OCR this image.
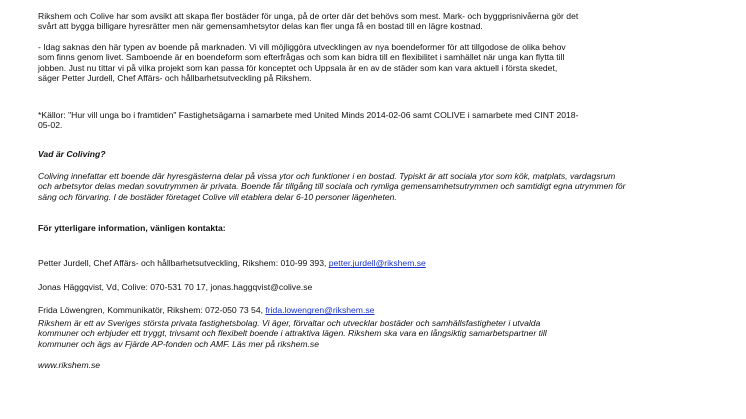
Rikshem och Colive har som avsikt att skapa fler bostäder för unga, på de orter där det behövs som mest. Mark- och byggprisnivåerna gör det
svårt att bygga billigare hyresrätter men när gemensamhetsytor delas kan fler unga få en bostad till en lägre kostnad.

- Idag saknas den här typen av boende på marknaden. Vi vill möjliggöra utvecklingen av nya boendeformer för att tillgodose de olika behov
som finns genom livet. Samboende är en boendeform som efterfrågas och som kan bidra till en flexibilitet i samhället när unga kan flytta till
jobben. Just nu tittar vi på vilka projekt som kan passa för konceptet och Uppsala är en av de städer som kan vara aktuell i första skedet,
säger Petter Jurdell, Chef Affärs- och hållbarhetsutveckling på Rikshem.

*Källor: "Hur vill unga bo i framtiden" Fastighetsägarna i samarbete med United Minds 2014-02-06 samt COLIVE i samarbete med CINT 2018-
05-02.

Vad är Coliving?

Coliving innefattar ett boende där hyresgästerna delar på vissa ytor och funktioner i en bostad. Typiskt är att sociala ytor som kök, matplats, vardagsrum
och arbetsytor delas medan sovutrymmen är privata. Boende får tillgång till sociala och rymliga gemensamhetsutrymmen och samtidigt egna utrymmen för
säng och förvaring. I de bostäder företaget Colive vill etablera delar 6-10 personer lägenheten.

För ytterligare information, vänligen kontakta:

Petter Jurdell, Chef Affärs- och hållbarhetsutveckling, Rikshem: 010-99 393, petter.jurdell@rikshem.se

Jonas Häggqvist, Vd, Colive: 070-531 70 17, jonas.haggqvist@colive.se

Frida Löwengren, Kommunikatör, Rikshem: 072-050 73 54, frida.lowengren@rikshem.se

Rikshem är ett av Sveriges största privata fastighetsbolag. Vi äger, förvaltar och utvecklar bostäder och samhällsfastigheter i utvalda
kommuner och erbjuder ett tryggt, trivsamt och flexibelt boende i attraktiva lägen. Rikshem ska vara en långsiktig samarbetspartner till
kommuner och ägs av Fjärde AP-fonden och AMF. Läs mer på rikshem.se

www.rikshem.se
